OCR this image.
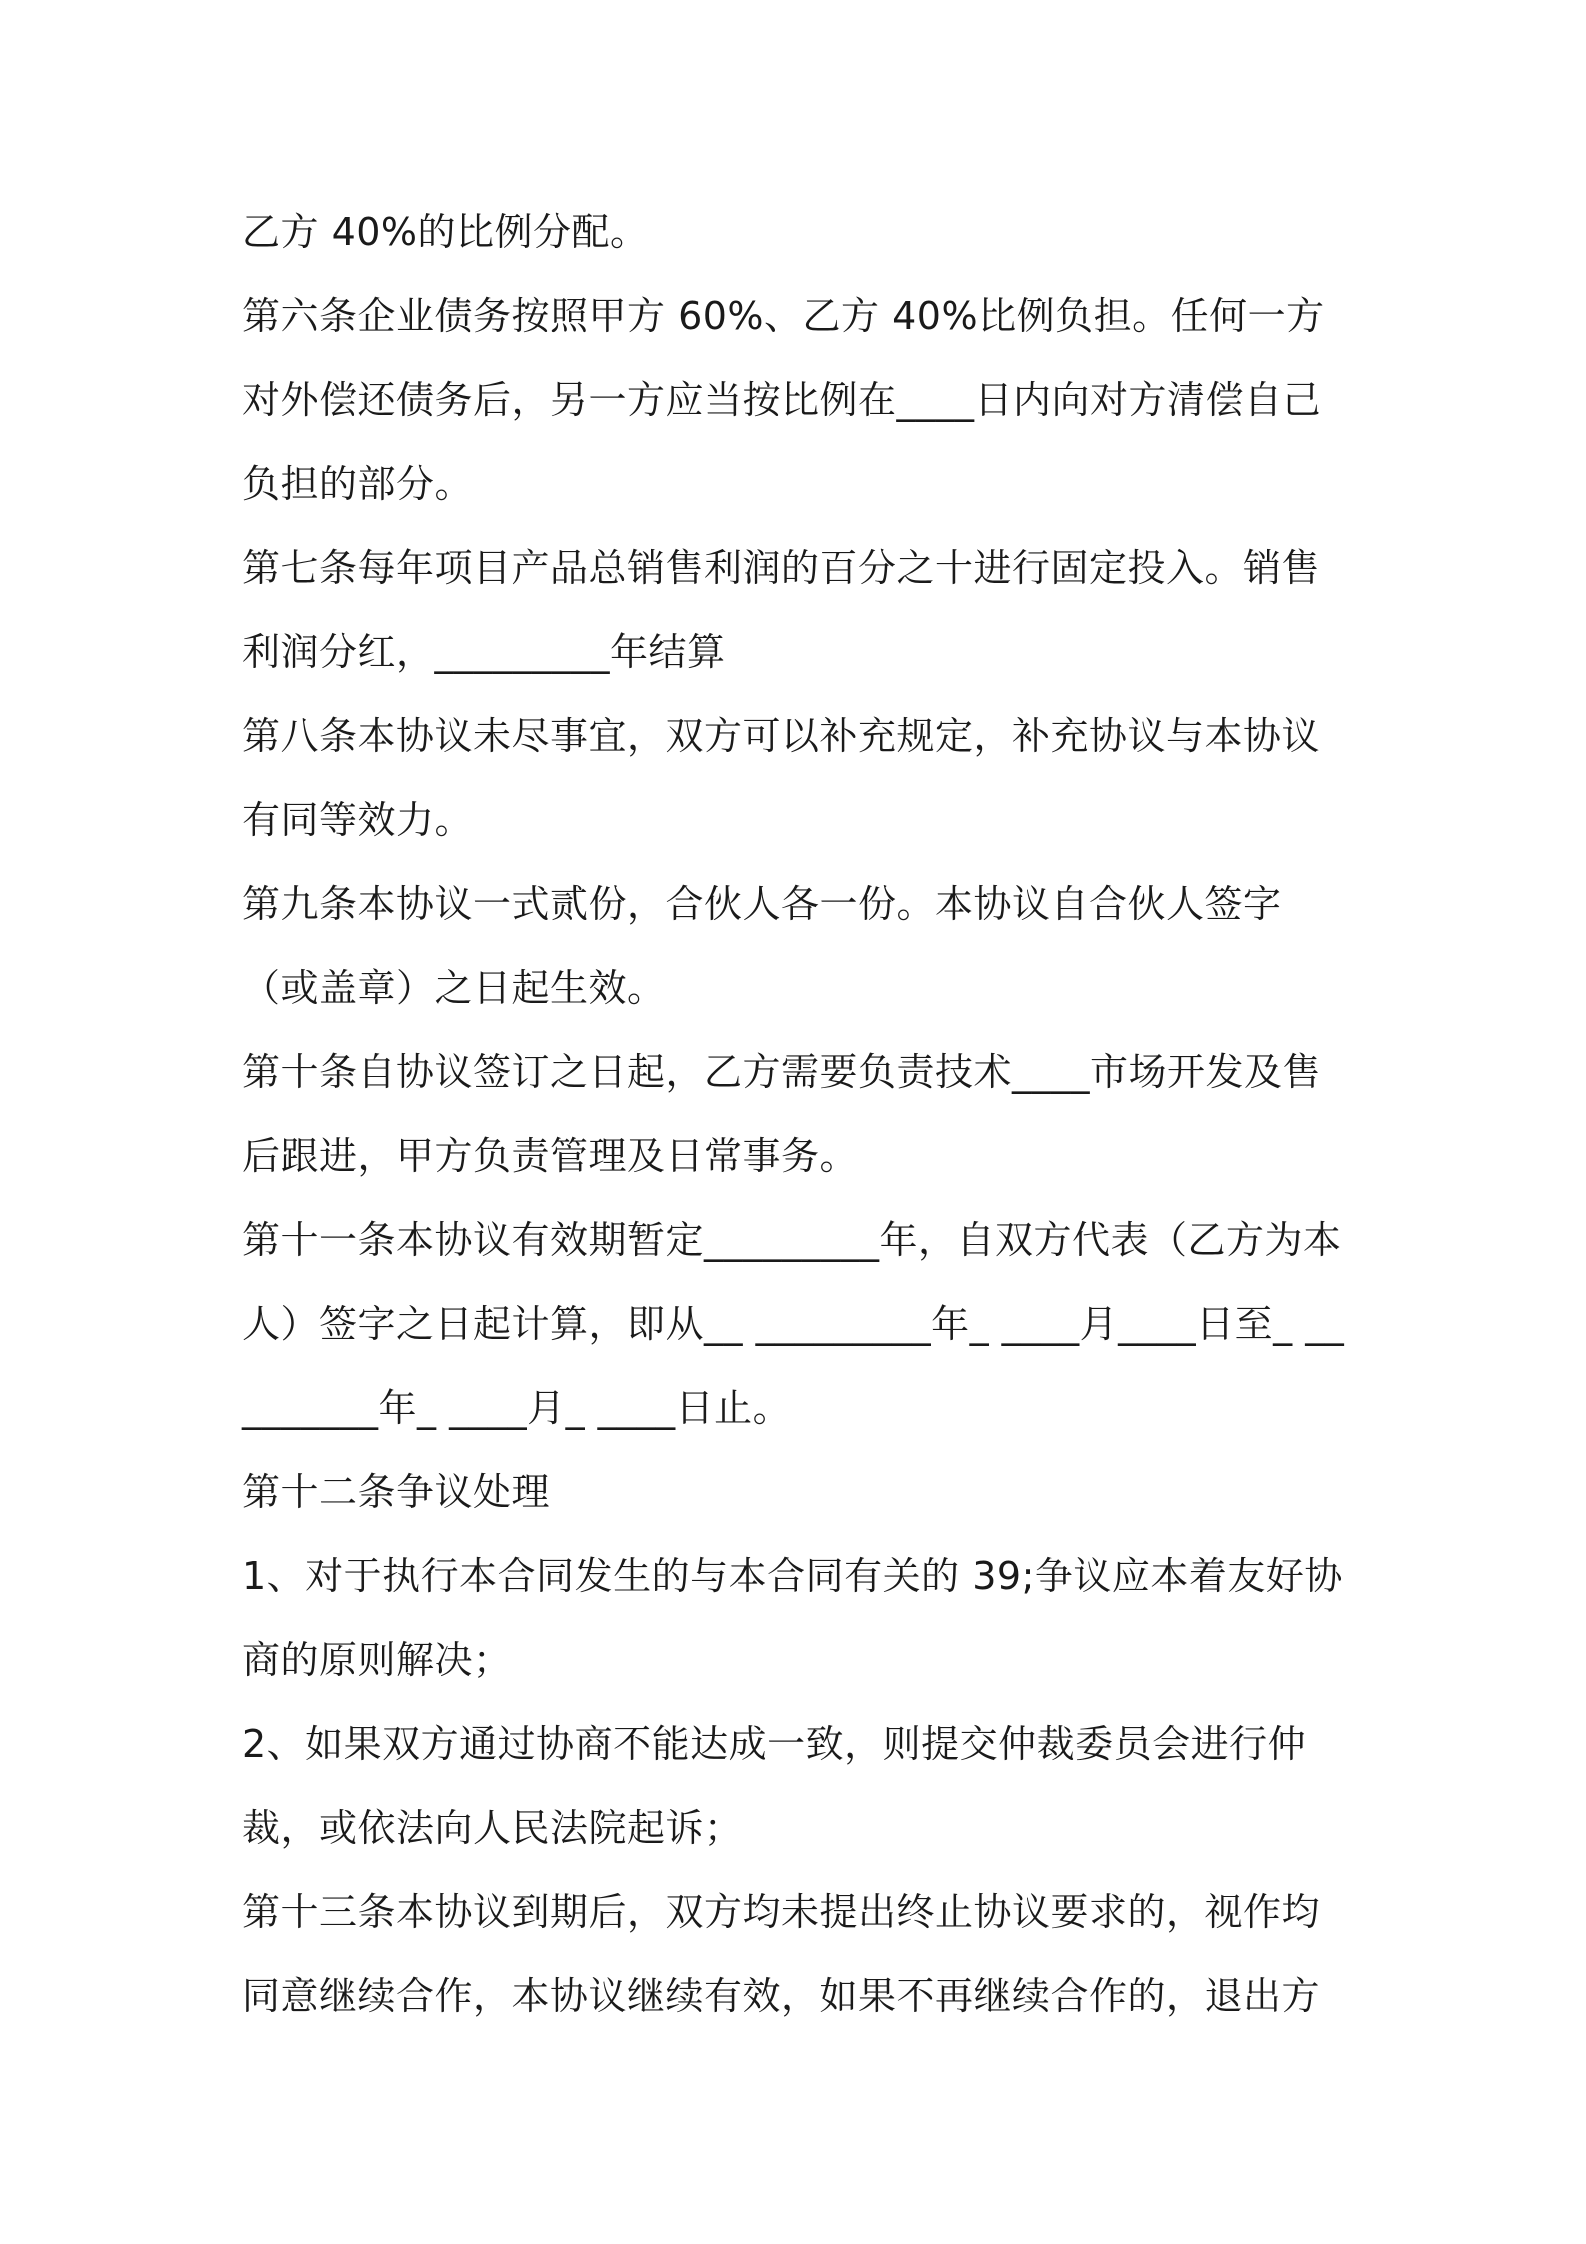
乙方 40%的比例分配。

第六条企业债务按照甲方 60%、乙方 40%比例负担。任何一方对外偿还债务后，另一方应当按比例在____日内向对方清偿自己负担的部分。

第七条每年项目产品总销售利润的百分之十进行固定投入。销售利润分红，_________年结算

第八条本协议未尽事宜，双方可以补充规定，补充协议与本协议有同等效力。

第九条本协议一式贰份，合伙人各一份。本协议自合伙人签字（或盖章）之日起生效。

第十条自协议签订之日起，乙方需要负责技术____市场开发及售后跟进，甲方负责管理及日常事务。

第十一条本协议有效期暂定_________年，自双方代表（乙方为本人）签字之日起计算，即从__ _________年_ ____月____日至_ _________年_ ____月_ ____日止。

第十二条争议处理

1、对于执行本合同发生的与本合同有关的 39;争议应本着友好协商的原则解决；

2、如果双方通过协商不能达成一致，则提交仲裁委员会进行仲裁，或依法向人民法院起诉；

第十三条本协议到期后，双方均未提出终止协议要求的，视作均同意继续合作，本协议继续有效，如果不再继续合作的，退出方
